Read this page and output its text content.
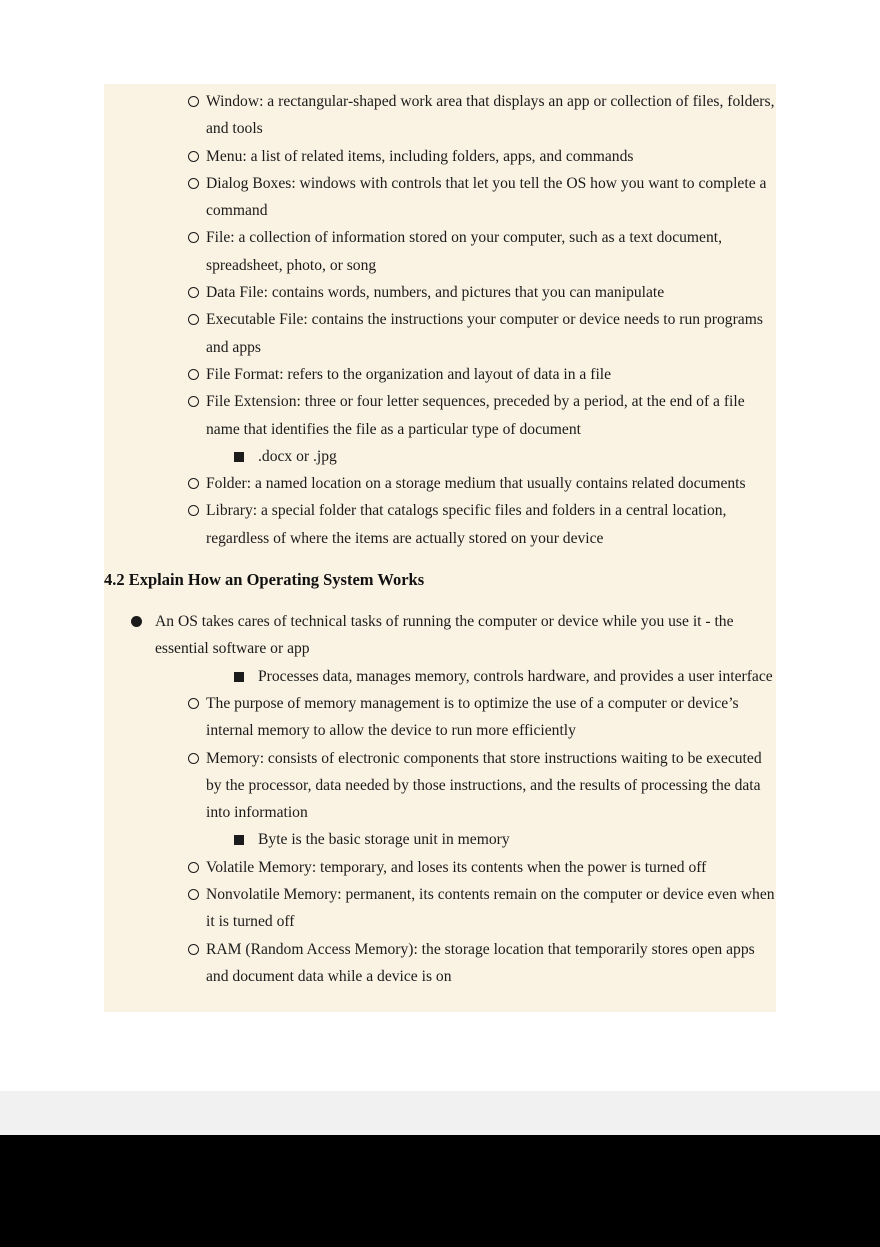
Window: a rectangular-shaped work area that displays an app or collection of files, folders, and tools
Menu: a list of related items, including folders, apps, and commands
Dialog Boxes: windows with controls that let you tell the OS how you want to complete a command
File: a collection of information stored on your computer, such as a text document, spreadsheet, photo, or song
Data File: contains words, numbers, and pictures that you can manipulate
Executable File: contains the instructions your computer or device needs to run programs and apps
File Format: refers to the organization and layout of data in a file
File Extension: three or four letter sequences, preceded by a period, at the end of a file name that identifies the file as a particular type of document
.docx or .jpg
Folder: a named location on a storage medium that usually contains related documents
Library: a special folder that catalogs specific files and folders in a central location, regardless of where the items are actually stored on your device
4.2 Explain How an Operating System Works
An OS takes cares of technical tasks of running the computer or device while you use it - the essential software or app
Processes data, manages memory, controls hardware, and provides a user interface
The purpose of memory management is to optimize the use of a computer or device’s internal memory to allow the device to run more efficiently
Memory: consists of electronic components that store instructions waiting to be executed by the processor, data needed by those instructions, and the results of processing the data into information
Byte is the basic storage unit in memory
Volatile Memory: temporary, and loses its contents when the power is turned off
Nonvolatile Memory: permanent, its contents remain on the computer or device even when it is turned off
RAM (Random Access Memory): the storage location that temporarily stores open apps and document data while a device is on
